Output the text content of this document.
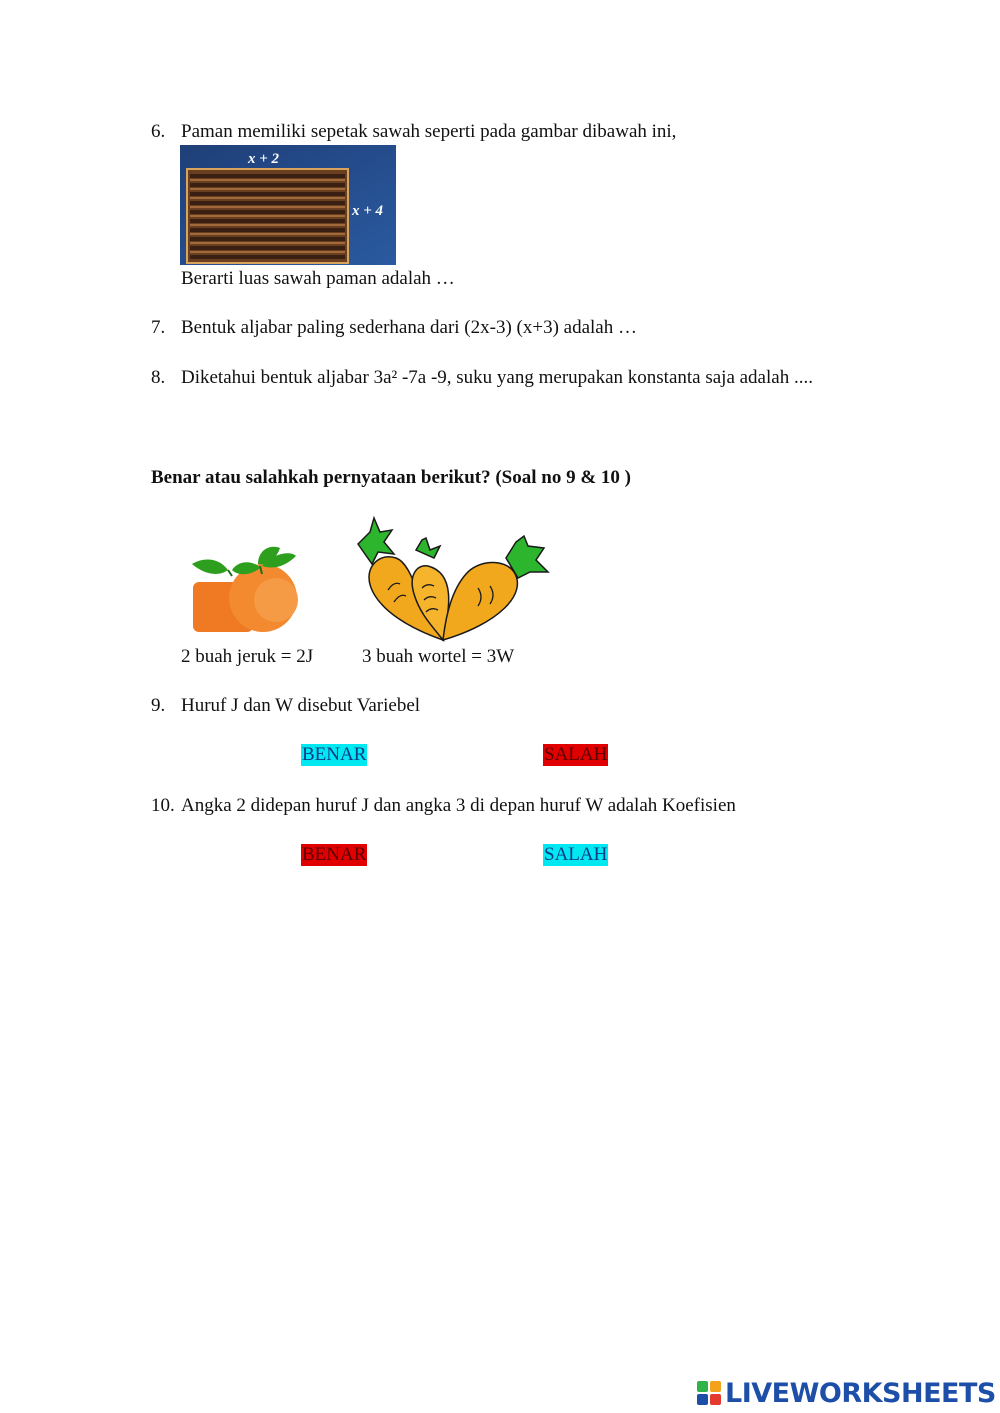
6. Paman memiliki sepetak sawah seperti pada gambar dibawah ini,
x + 2
x + 4
Berarti luas sawah paman adalah …
7. Bentuk aljabar paling sederhana dari (2x-3) (x+3) adalah …
8. Diketahui bentuk aljabar 3a² -7a -9, suku yang merupakan konstanta saja adalah ....
Benar atau salahkah pernyataan berikut? (Soal no 9 & 10 )
2 buah jeruk = 2J	3 buah wortel = 3W
9. Huruf J dan W disebut Variebel
BENAR	SALAH
10. Angka 2 didepan huruf J dan angka 3 di depan huruf W adalah Koefisien
BENAR	SALAH
LIVEWORKSHEETS
